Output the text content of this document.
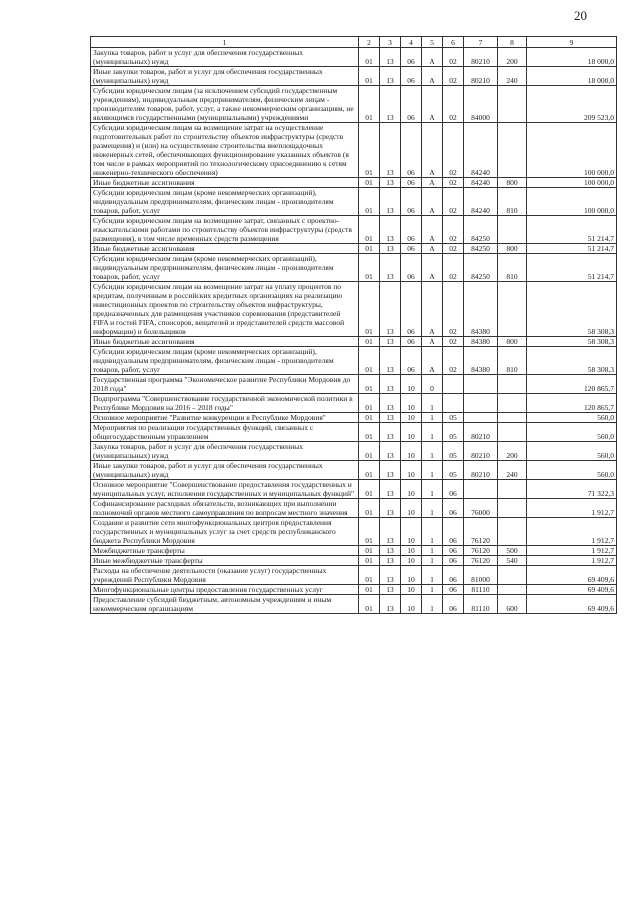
20
1	2	3	4	5	6	7	8	9
Закупка товаров, работ и услуг для обеспечения государственных (муниципальных) нужд	01	13	06	А	02	80210	200	18 000,0
Иные закупки товаров, работ и услуг для обеспечения государственных (муниципальных) нужд	01	13	06	А	02	80210	240	18 000,0
Субсидии юридическим лицам (за исключением субсидий государственным учреждениям), индивидуальным предпринимателям, физическим лицам - производителям товаров, работ, услуг, а также некоммерческим организациям, не являющимся государственными (муниципальными) учреждениями	01	13	06	А	02	84000		209 523,0
Субсидии юридическим лицам на возмещение затрат на осуществление подготовительных работ по строительству объектов инфраструктуры (средств размещения) и (или) на осуществление строительства внеплощадочных инженерных сетей, обеспечивающих функционирование указанных объектов (в том числе в рамках мероприятий по технологическому присоединению к сетям инженерно-технического обеспечения)	01	13	06	А	02	84240		100 000,0
Иные бюджетные ассигнования	01	13	06	А	02	84240	800	100 000,0
Субсидии юридическим лицам (кроме некоммерческих организаций), индивидуальным предпринимателям, физическим лицам - производителям товаров, работ, услуг	01	13	06	А	02	84240	810	100 000,0
Субсидии юридическим лицам на возмещение затрат, связанных с проектно-изыскательскими работами по строительству объектов инфраструктуры (средств размещения), в том числе временных средств размещения	01	13	06	А	02	84250		51 214,7
Иные бюджетные ассигнования	01	13	06	А	02	84250	800	51 214,7
Субсидии юридическим лицам (кроме некоммерческих организаций), индивидуальным предпринимателям, физическим лицам - производителям товаров, работ, услуг	01	13	06	А	02	84250	810	51 214,7
Субсидии юридическим лицам на возмещение затрат на уплату процентов по кредитам, полученным в российских кредитных организациях на реализацию инвестиционных проектов по строительству объектов инфраструктуры, предназначенных для размещения участников соревнования (представителей FIFA и гостей FIFA, спонсоров, вещателей и представителей средств массовой информации) и болельщиков	01	13	06	А	02	84380		58 308,3
Иные бюджетные ассигнования	01	13	06	А	02	84380	800	58 308,3
Субсидии юридическим лицам (кроме некоммерческих организаций), индивидуальным предпринимателям, физическим лицам - производителям товаров, работ, услуг	01	13	06	А	02	84380	810	58 308,3
Государственная программа "Экономическое развитие Республики Мордовия до 2018 года"	01	13	10	0				120 865,7
Подпрограмма "Совершенствование государственной экономической политики в Республике Мордовия на 2016 – 2018 годы"	01	13	10	1				120 865,7
Основное мероприятие "Развитие конкуренции в Республике Мордовия"	01	13	10	1	05			560,0
Мероприятия по реализации государственных функций, связанных с общегосударственным управлением	01	13	10	1	05	80210		560,0
Закупка товаров, работ и услуг для обеспечения государственных (муниципальных) нужд	01	13	10	1	05	80210	200	560,0
Иные закупки товаров, работ и услуг для обеспечения государственных (муниципальных) нужд	01	13	10	1	05	80210	240	560,0
Основное мероприятие "Совершенствование предоставления государственных и муниципальных услуг, исполнения государственных и муниципальных функций"	01	13	10	1	06			71 322,3
Софинансирование расходных обязательств, возникающих при выполнении полномочий органов местного самоуправления по вопросам местного значения	01	13	10	1	06	76000		1 912,7
Создание и развитие сети многофункциональных центров предоставления государственных и муниципальных услуг за счет средств республиканского бюджета Республики Мордовия	01	13	10	1	06	76120		1 912,7
Межбюджетные трансферты	01	13	10	1	06	76120	500	1 912,7
Иные межбюджетные трансферты	01	13	10	1	06	76120	540	1 912,7
Расходы на обеспечение деятельности (оказание услуг) государственных учреждений Республики Мордовия	01	13	10	1	06	81000		69 409,6
Многофункциональные центры предоставления государственных услуг	01	13	10	1	06	81110		69 409,6
Предоставление субсидий бюджетным, автономным учреждениям и иным некоммерческим организациям	01	13	10	1	06	81110	600	69 409,6
